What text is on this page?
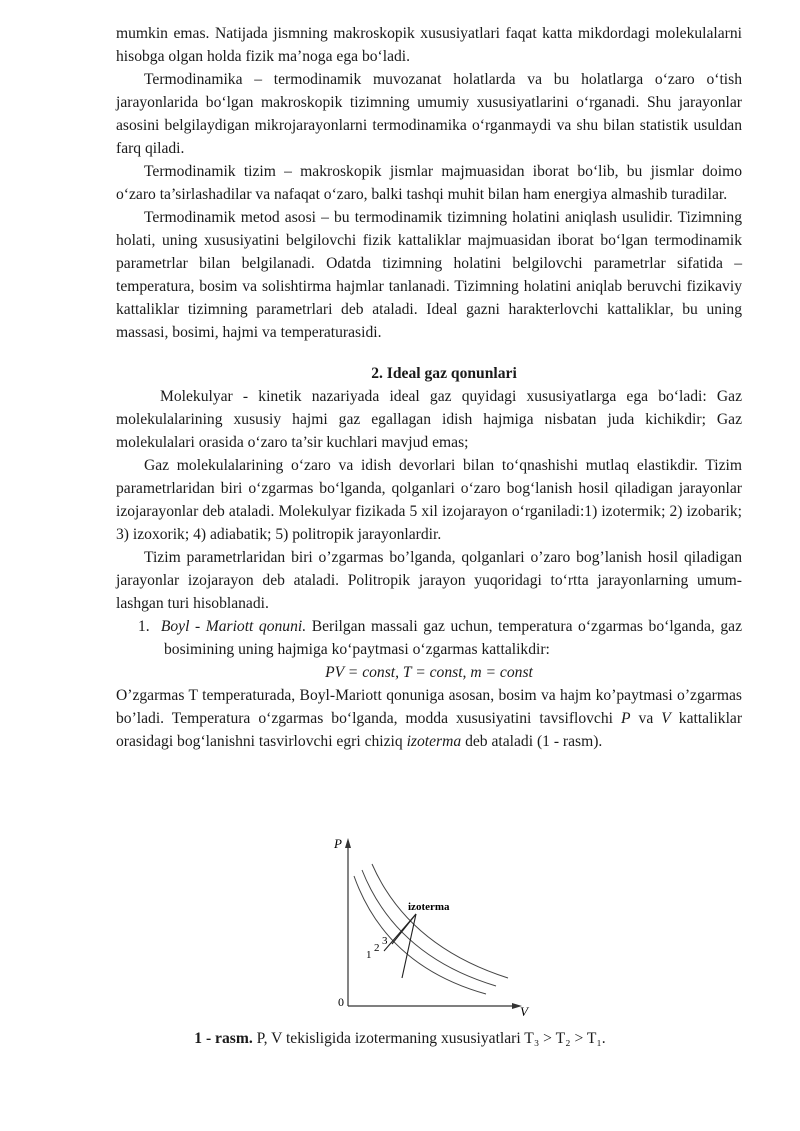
mumkin emas. Natijada jismning makroskopik xususiyatlari faqat katta mikdordagi molekulalarni hisobga olgan holda fizik ma’noga ega bo‘ladi.

Termodinamika – termodinamik muvozanat holatlarda va bu holatlarga o‘zaro o‘tish jarayonlarida bo‘lgan makroskopik tizimning umumiy xususiyatlarini o‘rganadi. Shu jarayonlar asosini belgilaydigan mikrojarayonlarni termodinamika o‘rganmaydi va shu bilan statistik usuldan farq qiladi.

Termodinamik tizim – makroskopik jismlar majmuasidan iborat bo‘lib, bu jismlar doimo o‘zaro ta’sirlashadilar va nafaqat o‘zaro, balki tashqi muhit bilan ham energiya almashib turadilar.

Termodinamik metod asosi – bu termodinamik tizimning holatini aniqlash usulidir. Tizimning holati, uning xususiyatini belgilovchi fizik kattaliklar majmuasidan iborat bo‘lgan termodinamik parametrlar bilan belgilanadi. Odatda tizimning holatini belgilovchi parametrlar sifatida – temperatura, bosim va solishtirma hajmlar tanlanadi. Tizimning holatini aniqlab beruvchi fizikaviy kattaliklar tizimning parametrlari deb ataladi. Ideal gazni harakterlovchi kattaliklar, bu uning massasi, bosimi, hajmi va temperaturasidi.

2. Ideal gaz qonunlari

Molekulyar - kinetik nazariyada ideal gaz quyidagi xususiyatlarga ega bo‘ladi: Gaz molekulalarining xususiy hajmi gaz egallagan idish hajmiga nisbatan juda kichikdir; Gaz molekulalari orasida o‘zaro ta’sir kuchlari mavjud emas;

Gaz molekulalarining o‘zaro va idish devorlari bilan to‘qnashishi mutlaq elastikdir. Tizim parametrlaridan biri o‘zgarmas bo‘lganda, qolganlari o‘zaro bog‘lanish hosil qiladigan jarayonlar izojarayonlar deb ataladi. Molekulyar fizikada 5 xil izojarayon o‘rganiladi:1) izotermik; 2) izobarik; 3) izoxorik; 4) adiabatik; 5) politropik jarayonlardir.

Tizim parametrlaridan biri o’zgarmas bo’lganda, qolganlari o’zaro bog’lanish hosil qiladigan jarayonlar izojarayon deb ataladi. Politropik jarayon yuqoridagi to‘rtta jarayonlarning umum-lashgan turi hisoblanadi.

1. Boyl - Mariott qonuni. Berilgan massali gaz uchun, temperatura o‘zgarmas bo‘lganda, gaz bosimining uning hajmiga ko‘paytmasi o‘zgarmas kattalikdir:

PV = const, T = const, m = const

O’zgarmas T temperaturada, Boyl-Mariott qonuniga asosan, bosim va hajm ko’paytmasi o’zgarmas bo’ladi. Temperatura o‘zgarmas bo‘lganda, modda xususiyatini tavsiflovchi P va V kattaliklar orasidagi bog‘lanishni tasvirlovchi egri chiziq izoterma deb ataladi (1 - rasm).

P
V
0
izoterma
1
2
3
1 - rasm. P, V tekisligida izotermaning xususiyatlari T₃ > T₂ > T₁.
